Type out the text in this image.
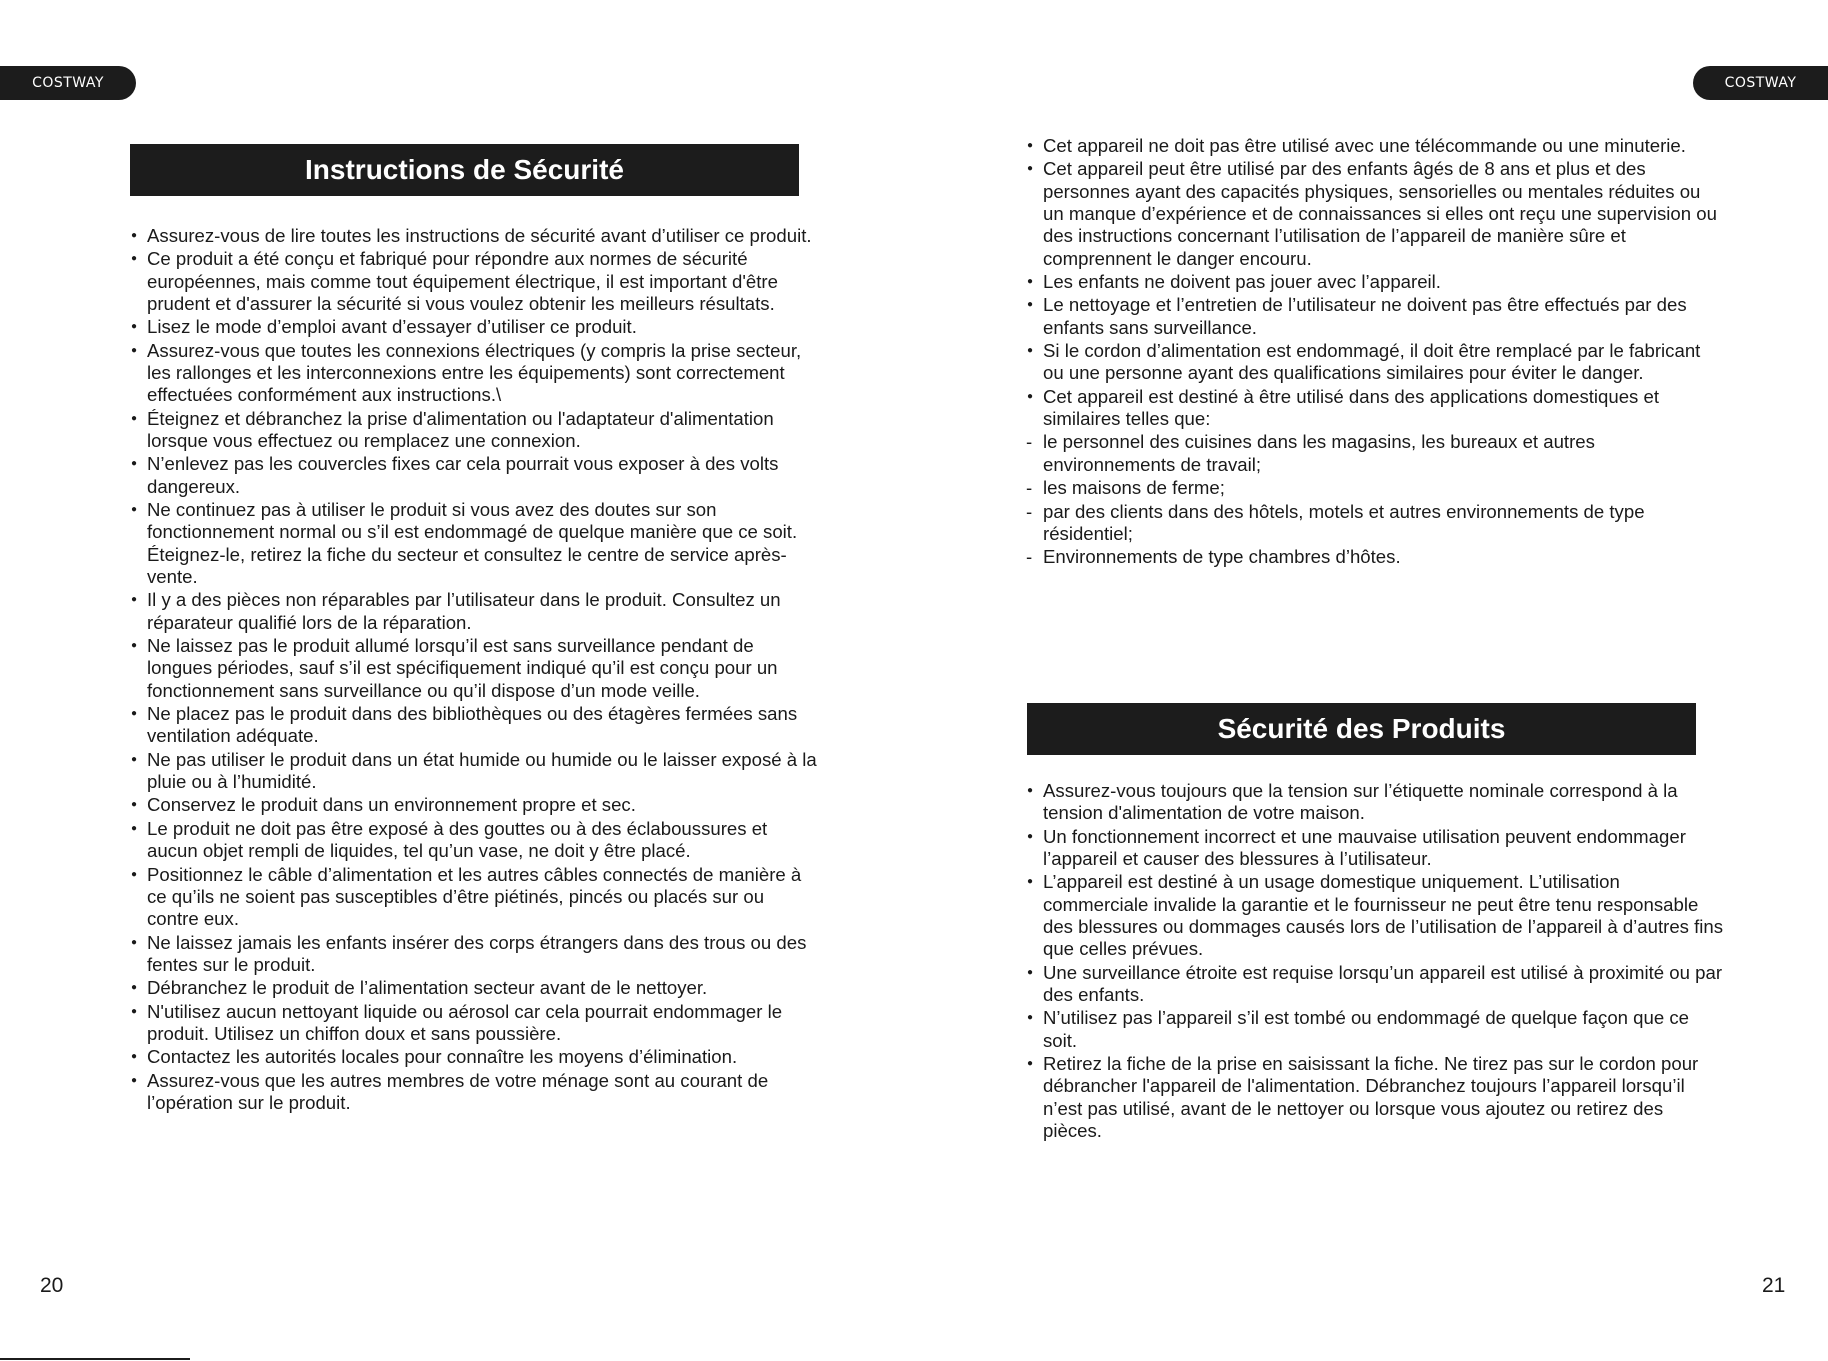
COSTWAY	COSTWAY
Instructions de Sécurité
● Assurez-vous de lire toutes les instructions de sécurité avant d’utiliser ce produit.
● Ce produit a été conçu et fabriqué pour répondre aux normes de sécurité européennes, mais comme tout équipement électrique, il est important d'être prudent et d'assurer la sécurité si vous voulez obtenir les meilleurs résultats.
● Lisez le mode d’emploi avant d’essayer d’utiliser ce produit.
● Assurez-vous que toutes les connexions électriques (y compris la prise secteur, les rallonges et les interconnexions entre les équipements) sont correctement effectuées conformément aux instructions.\
● Éteignez et débranchez la prise d'alimentation ou l'adaptateur d'alimentation lorsque vous effectuez ou remplacez une connexion.
● N’enlevez pas les couvercles fixes car cela pourrait vous exposer à des volts dangereux.
● Ne continuez pas à utiliser le produit si vous avez des doutes sur son fonctionnement normal ou s’il est endommagé de quelque manière que ce soit. Éteignez-le, retirez la fiche du secteur et consultez le centre de service après-vente.
● Il y a des pièces non réparables par l’utilisateur dans le produit. Consultez un réparateur qualifié lors de la réparation.
● Ne laissez pas le produit allumé lorsqu’il est sans surveillance pendant de longues périodes, sauf s’il est spécifiquement indiqué qu’il est conçu pour un fonctionnement sans surveillance ou qu’il dispose d’un mode veille.
● Ne placez pas le produit dans des bibliothèques ou des étagères fermées sans ventilation adéquate.
● Ne pas utiliser le produit dans un état humide ou humide ou le laisser exposé à la pluie ou à l’humidité.
● Conservez le produit dans un environnement propre et sec.
● Le produit ne doit pas être exposé à des gouttes ou à des éclaboussures et aucun objet rempli de liquides, tel qu’un vase, ne doit y être placé.
● Positionnez le câble d’alimentation et les autres câbles connectés de manière à ce qu’ils ne soient pas susceptibles d’être piétinés, pincés ou placés sur ou contre eux.
● Ne laissez jamais les enfants insérer des corps étrangers dans des trous ou des fentes sur le produit.
● Débranchez le produit de l’alimentation secteur avant de le nettoyer.
● N'utilisez aucun nettoyant liquide ou aérosol car cela pourrait endommager le produit. Utilisez un chiffon doux et sans poussière.
● Contactez les autorités locales pour connaître les moyens d’élimination.
● Assurez-vous que les autres membres de votre ménage sont au courant de l’opération sur le produit.
20
● Cet appareil ne doit pas être utilisé avec une télécommande ou une minuterie.
● Cet appareil peut être utilisé par des enfants âgés de 8 ans et plus et des personnes ayant des capacités physiques, sensorielles ou mentales réduites ou un manque d’expérience et de connaissances si elles ont reçu une supervision ou des instructions concernant l’utilisation de l’appareil de manière sûre et comprennent le danger encouru.
● Les enfants ne doivent pas jouer avec l’appareil.
● Le nettoyage et l’entretien de l’utilisateur ne doivent pas être effectués par des enfants sans surveillance.
● Si le cordon d’alimentation est endommagé, il doit être remplacé par le fabricant ou une personne ayant des qualifications similaires pour éviter le danger.
● Cet appareil est destiné à être utilisé dans des applications domestiques et similaires telles que:
- le personnel des cuisines dans les magasins, les bureaux et autres environnements de travail;
- les maisons de ferme;
- par des clients dans des hôtels, motels et autres environnements de type résidentiel;
- Environnements de type chambres d’hôtes.
Sécurité des Produits
● Assurez-vous toujours que la tension sur l’étiquette nominale correspond à la tension d'alimentation de votre maison.
● Un fonctionnement incorrect et une mauvaise utilisation peuvent endommager l’appareil et causer des blessures à l’utilisateur.
● L’appareil est destiné à un usage domestique uniquement. L’utilisation commerciale invalide la garantie et le fournisseur ne peut être tenu responsable des blessures ou dommages causés lors de l’utilisation de l’appareil à d’autres fins que celles prévues.
● Une surveillance étroite est requise lorsqu’un appareil est utilisé à proximité ou par des enfants.
● N’utilisez pas l’appareil s’il est tombé ou endommagé de quelque façon que ce soit.
● Retirez la fiche de la prise en saisissant la fiche. Ne tirez pas sur le cordon pour débrancher l'appareil de l'alimentation. Débranchez toujours l’appareil lorsqu’il n’est pas utilisé, avant de le nettoyer ou lorsque vous ajoutez ou retirez des pièces.
21
